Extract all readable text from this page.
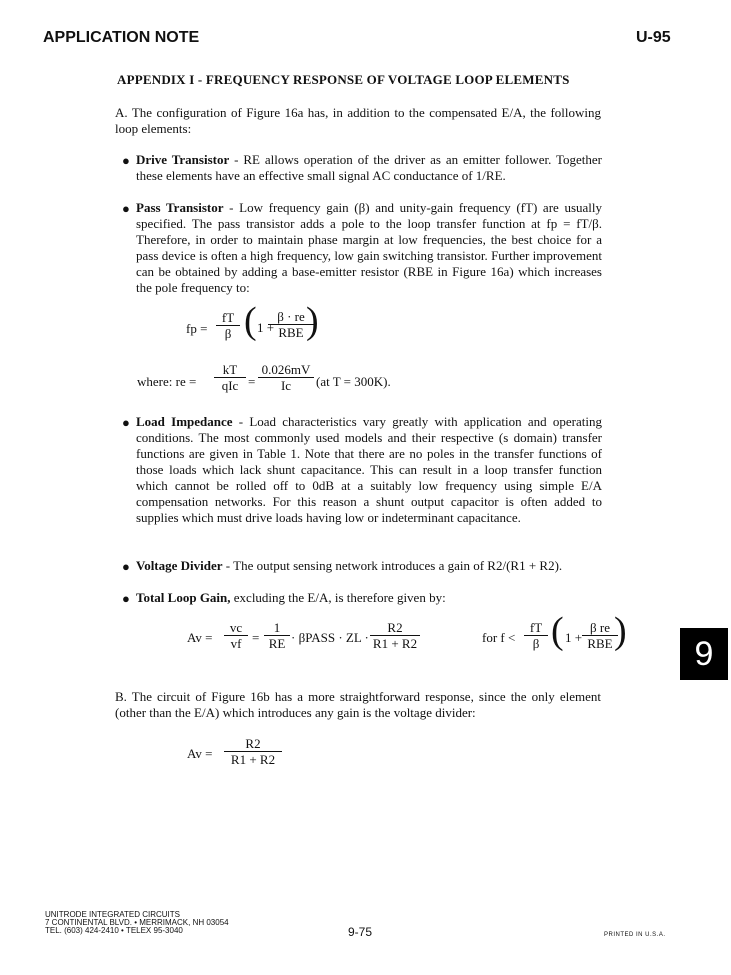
APPLICATION NOTE	U-95
APPENDIX I - FREQUENCY RESPONSE OF VOLTAGE LOOP ELEMENTS
A. The configuration of Figure 16a has, in addition to the compensated E/A, the following loop elements:
● Drive Transistor - RE allows operation of the driver as an emitter follower. Together these elements have an effective small signal AC conductance of 1/RE.
● Pass Transistor - Low frequency gain (β) and unity-gain frequency (fT) are usually specified. The pass transistor adds a pole to the loop transfer function at fp = fT/β. Therefore, in order to maintain phase margin at low frequencies, the best choice for a pass device is often a high frequency, low gain switching transistor. Further improvement can be obtained by adding a base-emitter resistor (RBE in Figure 16a) which increases the pole frequency to:
fp = $\frac{fT}{\beta}$ ( 1 +
β · re
RBE )
where: re =
kT
qIc = $\frac{0.026mV}{Ic} (at$ T = 300K).
● Load Impedance - Load characteristics vary greatly with application and operating conditions. The most commonly used models and their respective (s domain) transfer functions are given in Table 1. Note that there are no poles in the transfer functions of those loads which lack shunt capacitance. This can result in a loop transfer function which cannot be rolled off to 0dB at a suitably low frequency using simple E/A compensation networks. For this reason a shunt output capacitor is often added to supplies which must drive loads having low or indeterminant capacitance.
● Voltage Divider - The output sensing network introduces a gain of R2/(R1 + R2).
● Total Loop Gain, excluding the E/A, is therefore given by:
$Av = \frac{vc}{vf} = \frac{1}{RE}$ · βPASS · ZL · $\frac{R2}{R1 + R2}$	for $f < \frac{fT}{\beta}$ ( 1 +
β re
RBE )
9
B. The circuit of Figure 16b has a more straightforward response, since the only element (other than the E/A) which introduces any gain is the voltage divider:
$Av = \frac{R2}{R1 + R2}$
UNITRODE INTEGRATED CIRCUITS
7 CONTINENTAL BLVD. • MERRIMACK, NH 03054
TEL. (603) 424-2410 • TELEX 95-3040	9-75	PRINTED IN U.S.A.
